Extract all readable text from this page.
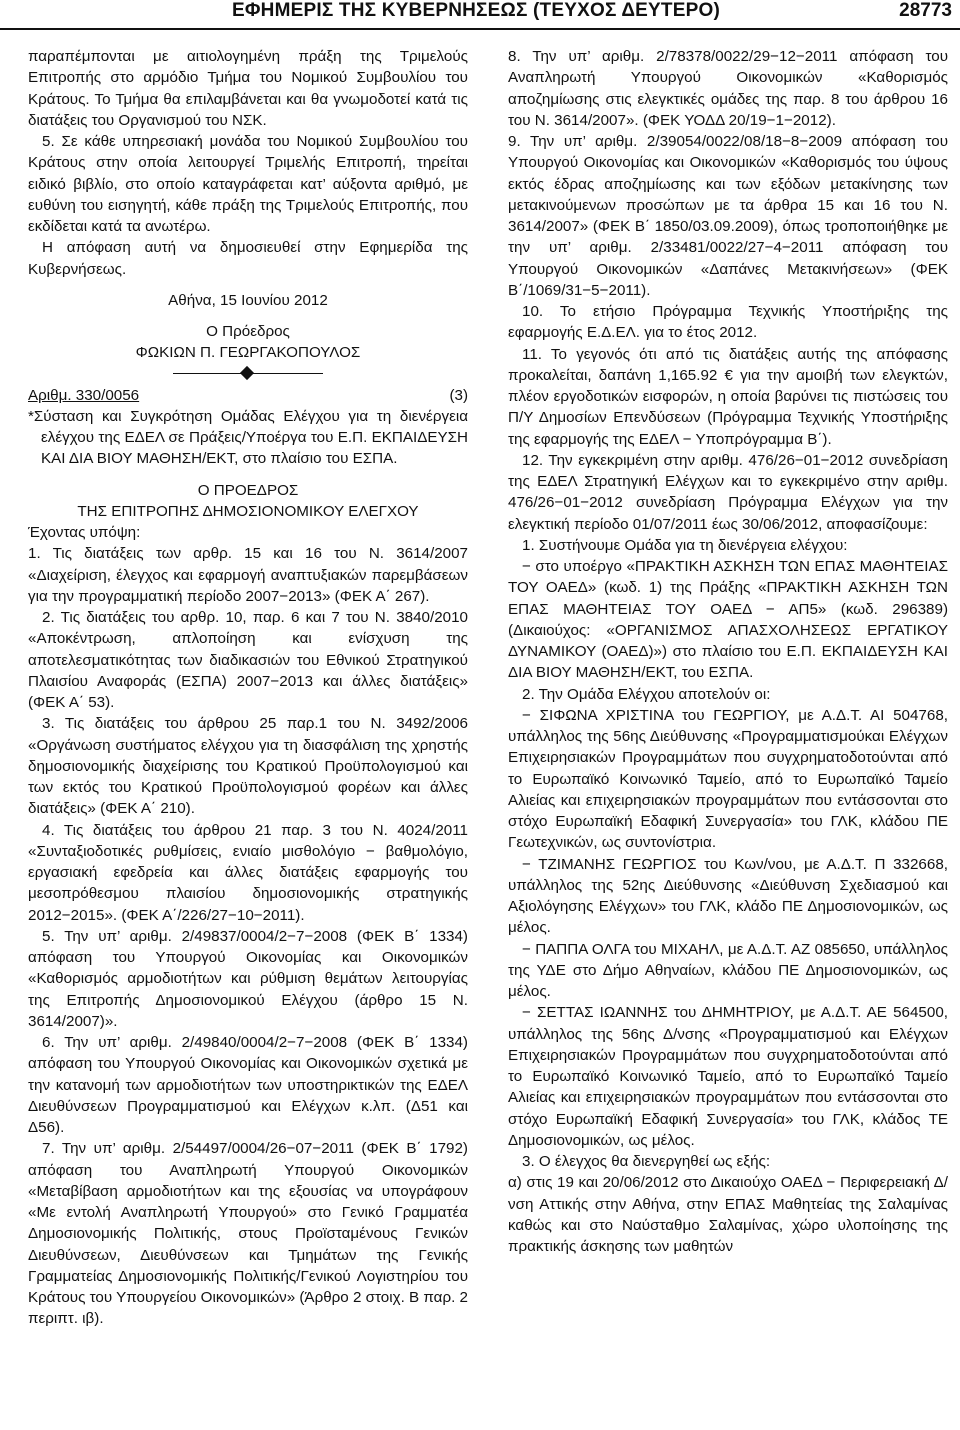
ΕΦΗΜΕΡΙΣ ΤΗΣ ΚΥΒΕΡΝΗΣΕΩΣ (ΤΕΥΧΟΣ ΔΕΥΤΕΡΟ)	28773

παραπέμπονται με αιτιολογημένη πράξη της Τριμελούς Επιτροπής στο αρμόδιο Τμήμα του Νομικού Συμβουλίου του Κράτους. Το Τμήμα θα επιλαμβάνεται και θα γνωμοδοτεί κατά τις διατάξεις του Οργανισμού του ΝΣΚ.

5. Σε κάθε υπηρεσιακή μονάδα του Νομικού Συμβουλίου του Κράτους στην οποία λειτουργεί Τριμελής Επιτροπή, τηρείται ειδικό βιβλίο, στο οποίο καταγράφεται κατ’ αύξοντα αριθμό, με ευθύνη του εισηγητή, κάθε πράξη της Τριμελούς Επιτροπής, που εκδίδεται κατά τα ανωτέρω.

Η απόφαση αυτή να δημοσιευθεί στην Εφημερίδα της Κυβερνήσεως.

Αθήνα, 15 Ιουνίου 2012

Ο Πρόεδρος

ΦΩΚΙΩΝ Π. ΓΕΩΡΓΑΚΟΠΟΥΛΟΣ

Αριθμ. 330/0056	(3)

*Σύσταση και Συγκρότηση Ομάδας Ελέγχου για τη διενέργεια ελέγχου της ΕΔΕΛ σε Πράξεις/Υποέργα του Ε.Π. ΕΚΠΑΙΔΕΥΣΗ ΚΑΙ ΔΙΑ ΒΙΟΥ ΜΑΘΗΣΗ/ΕΚΤ, στο πλαίσιο του ΕΣΠΑ.

Ο ΠΡΟΕΔΡΟΣ

ΤΗΣ ΕΠΙΤΡΟΠΗΣ ΔΗΜΟΣΙΟΝΟΜΙΚΟΥ ΕΛΕΓΧΟΥ

Έχοντας υπόψη:

1. Τις διατάξεις των αρθρ. 15 και 16 του Ν. 3614/2007 «Διαχείριση, έλεγχος και εφαρμογή αναπτυξιακών παρεμβάσεων για την προγραμματική περίοδο 2007−2013» (ΦΕΚ Α΄ 267).

2. Τις διατάξεις του αρθρ. 10, παρ. 6 και 7 του Ν. 3840/2010 «Αποκέντρωση, απλοποίηση και ενίσχυση της αποτελεσματικότητας των διαδικασιών του Εθνικού Στρατηγικού Πλαισίου Αναφοράς (ΕΣΠΑ) 2007−2013 και άλλες διατάξεις» (ΦΕΚ Α΄ 53).

3. Τις διατάξεις του άρθρου 25 παρ.1 του Ν. 3492/2006 «Οργάνωση συστήματος ελέγχου για τη διασφάλιση της χρηστής δημοσιονομικής διαχείρισης του Κρατικού Προϋπολογισμού και των εκτός του Κρατικού Προϋπολογισμού φορέων και άλλες διατάξεις» (ΦΕΚ Α΄ 210).

4. Τις διατάξεις του άρθρου 21 παρ. 3 του Ν. 4024/2011 «Συνταξιοδοτικές ρυθμίσεις, ενιαίο μισθολόγιο − βαθμολόγιο, εργασιακή εφεδρεία και άλλες διατάξεις εφαρμογής του μεσοπρόθεσμου πλαισίου δημοσιονομικής στρατηγικής 2012−2015». (ΦΕΚ Α΄/226/27−10−2011).

5. Την υπ’ αριθμ. 2/49837/0004/2−7−2008 (ΦΕΚ Β΄ 1334) απόφαση του Υπουργού Οικονομίας και Οικονομικών «Καθορισμός αρμοδιοτήτων και ρύθμιση θεμάτων λειτουργίας της Επιτροπής Δημοσιονομικού Ελέγχου (άρθρο 15 Ν. 3614/2007)».

6. Την υπ’ αριθμ. 2/49840/0004/2−7−2008 (ΦΕΚ Β΄ 1334) απόφαση του Υπουργού Οικονομίας και Οικονομικών σχετικά με την κατανομή των αρμοδιοτήτων των υποστηρικτικών της ΕΔΕΛ Διευθύνσεων Προγραμματισμού και Ελέγχων κ.λπ. (Δ51 και Δ56).

7. Την υπ’ αριθμ. 2/54497/0004/26−07−2011 (ΦΕΚ Β΄ 1792) απόφαση του Αναπληρωτή Υπουργού Οικονομικών «Μεταβίβαση αρμοδιοτήτων και της εξουσίας να υπογράφουν «Με εντολή Αναπληρωτή Υπουργού» στο Γενικό Γραμματέα Δημοσιονομικής Πολιτικής, στους Προϊσταμένους Γενικών Διευθύνσεων, Διευθύνσεων και Τμημάτων της Γενικής Γραμματείας Δημοσιονομικής Πολιτικής/Γενικού Λογιστηρίου του Κράτους του Υπουργείου Οικονομικών» (Άρθρο 2 στοιχ. Β παρ. 2 περιπτ. ιβ).

8. Την υπ’ αριθμ. 2/78378/0022/29−12−2011 απόφαση του Αναπληρωτή Υπουργού Οικονομικών «Καθορισμός αποζημίωσης στις ελεγκτικές ομάδες της παρ. 8 του άρθρου 16 του Ν. 3614/2007». (ΦΕΚ ΥΟΔΔ 20/19−1−2012).

9. Την υπ’ αριθμ. 2/39054/0022/08/18−8−2009 απόφαση του Υπουργού Οικονομίας και Οικονομικών «Καθορισμός του ύψους εκτός έδρας αποζημίωσης και των εξόδων μετακίνησης των μετακινούμενων προσώπων με τα άρθρα 15 και 16 του Ν. 3614/2007» (ΦΕΚ Β΄ 1850/03.09.2009), όπως τροποποιήθηκε με την υπ’ αριθμ. 2/33481/0022/27−4−2011 απόφαση του Υπουργού Οικονομικών «Δαπάνες Μετακινήσεων» (ΦΕΚ Β΄/1069/31−5−2011).

10. Το ετήσιο Πρόγραμμα Τεχνικής Υποστήριξης της εφαρμογής Ε.Δ.ΕΛ. για το έτος 2012.

11. Το γεγονός ότι από τις διατάξεις αυτής της απόφασης προκαλείται, δαπάνη 1,165.92 € για την αμοιβή των ελεγκτών, πλέον εργοδοτικών εισφορών, η οποία βαρύνει τις πιστώσεις του Π/Υ Δημοσίων Επενδύσεων (Πρόγραμμα Τεχνικής Υποστήριξης της εφαρμογής της ΕΔΕΛ − Υποπρόγραμμα Β΄).

12. Την εγκεκριμένη στην αριθμ. 476/26−01−2012 συνεδρίαση της ΕΔΕΛ Στρατηγική Ελέγχων και το εγκεκριμένο στην αριθμ. 476/26−01−2012 συνεδρίαση Πρόγραμμα Ελέγχων για την ελεγκτική περίοδο 01/07/2011 έως 30/06/2012, αποφασίζουμε:

1. Συστήνουμε Ομάδα για τη διενέργεια ελέγχου:

− στο υποέργο «ΠΡΑΚΤΙΚΗ ΑΣΚΗΣΗ ΤΩΝ ΕΠΑΣ ΜΑΘΗΤΕΙΑΣ ΤΟΥ ΟΑΕΔ» (κωδ. 1) της Πράξης «ΠΡΑΚΤΙΚΗ ΑΣΚΗΣΗ ΤΩΝ ΕΠΑΣ ΜΑΘΗΤΕΙΑΣ ΤΟΥ ΟΑΕΔ − ΑΠ5» (κωδ. 296389) (Δικαιούχος: «ΟΡΓΑΝΙΣΜΟΣ ΑΠΑΣΧΟΛΗΣΕΩΣ ΕΡΓΑΤΙΚΟΥ ΔΥΝΑΜΙΚΟΥ (ΟΑΕΔ)») στο πλαίσιο του Ε.Π. ΕΚΠΑΙΔΕΥΣΗ ΚΑΙ ΔΙΑ ΒΙΟΥ ΜΑΘΗΣΗ/ΕΚΤ, του ΕΣΠΑ.

2. Την Ομάδα Ελέγχου αποτελούν οι:

− ΣΙΦΩΝΑ ΧΡΙΣΤΙΝΑ του ΓΕΩΡΓΙΟΥ, με Α.Δ.Τ. ΑΙ 504768, υπάλληλος της 56ης Διεύθυνσης «Προγραμματισμούκαι Ελέγχων Επιχειρησιακών Προγραμμάτων που συγχρηματοδοτούνται από το Ευρωπαϊκό Κοινωνικό Ταμείο, από το Ευρωπαϊκό Ταμείο Αλιείας και επιχειρησιακών προγραμμάτων που εντάσσονται στο στόχο Ευρωπαϊκή Εδαφική Συνεργασία» του ΓΛΚ, κλάδου ΠΕ Γεωτεχνικών, ως συντονίστρια.

− ΤΖΙΜΑΝΗΣ ΓΕΩΡΓΙΟΣ του Κων/νου, με Α.Δ.Τ. Π 332668, υπάλληλος της 52ης Διεύθυνσης «Διεύθυνση Σχεδιασμού και Αξιολόγησης Ελέγχων» του ΓΛΚ, κλάδο ΠΕ Δημοσιονομικών, ως μέλος.

− ΠΑΠΠΑ ΟΛΓΑ του ΜΙΧΑΗΛ, με Α.Δ.Τ. ΑΖ 085650, υπάλληλος της ΥΔΕ στο Δήμο Αθηναίων, κλάδου ΠΕ Δημοσιονομικών, ως μέλος.

− ΣΕΤΤΑΣ ΙΩΑΝΝΗΣ του ΔΗΜΗΤΡΙΟΥ, με Α.Δ.Τ. ΑΕ 564500, υπάλληλος της 56ης Δ/νσης «Προγραμματισμού και Ελέγχων Επιχειρησιακών Προγραμμάτων που συγχρηματοδοτούνται από το Ευρωπαϊκό Κοινωνικό Ταμείο, από το Ευρωπαϊκό Ταμείο Αλιείας και επιχειρησιακών προγραμμάτων που εντάσσονται στο στόχο Ευρωπαϊκή Εδαφική Συνεργασία» του ΓΛΚ, κλάδος ΤΕ Δημοσιονομικών, ως μέλος.

3. Ο έλεγχος θα διενεργηθεί ως εξής:

α) στις 19 και 20/06/2012 στο Δικαιούχο ΟΑΕΔ − Περιφερειακή Δ/νση Αττικής στην Αθήνα, στην ΕΠΑΣ Μαθητείας της Σαλαμίνας καθώς και στο Ναύσταθμο Σαλαμίνας, χώρο υλοποίησης της πρακτικής άσκησης των μαθητών
